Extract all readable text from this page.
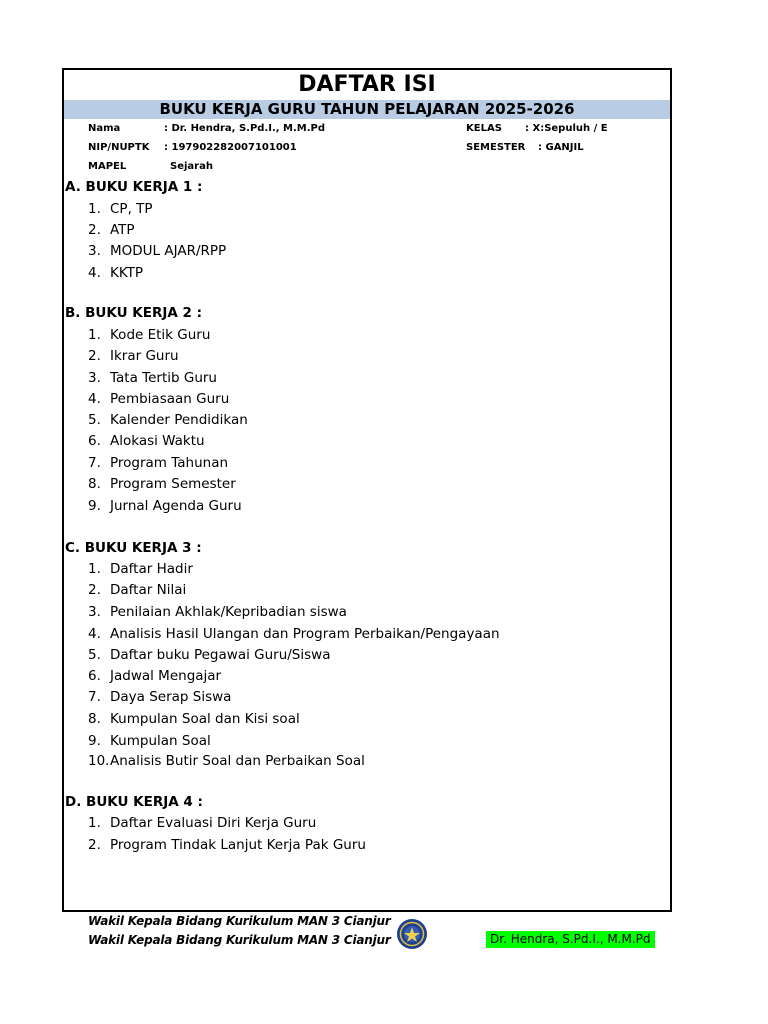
DAFTAR ISI
BUKU KERJA GURU TAHUN PELAJARAN 2025-2026
Nama	: Dr. Hendra, S.Pd.I., M.M.Pd
NIP/NUPTK : 197902282007101001
MAPEL	Sejarah
KELAS : X:Sepuluh / E
SEMESTER : GANJIL
A. BUKU KERJA 1 :
1. CP, TP
2. ATP
3. MODUL AJAR/RPP
4. KKTP
B. BUKU KERJA 2 :
1. Kode Etik Guru
2. Ikrar Guru
3. Tata Tertib Guru
4. Pembiasaan Guru
5. Kalender Pendidikan
6. Alokasi Waktu
7. Program Tahunan
8. Program Semester
9. Jurnal Agenda Guru
C. BUKU KERJA 3 :
1. Daftar Hadir
2. Daftar Nilai
3. Penilaian Akhlak/Kepribadian siswa
4. Analisis Hasil Ulangan dan Program Perbaikan/Pengayaan
5. Daftar buku Pegawai Guru/Siswa
6. Jadwal Mengajar
7. Daya Serap Siswa
8. Kumpulan Soal dan Kisi soal
9. Kumpulan Soal
10.Analisis Butir Soal dan Perbaikan Soal
D. BUKU KERJA 4 :
1. Daftar Evaluasi Diri Kerja Guru
2. Program Tindak Lanjut Kerja Pak Guru
Wakil Kepala Bidang Kurikulum MAN 3 Cianjur
Wakil Kepala Bidang Kurikulum MAN 3 Cianjur	Dr. Hendra, S.Pd.I., M.M.Pd
